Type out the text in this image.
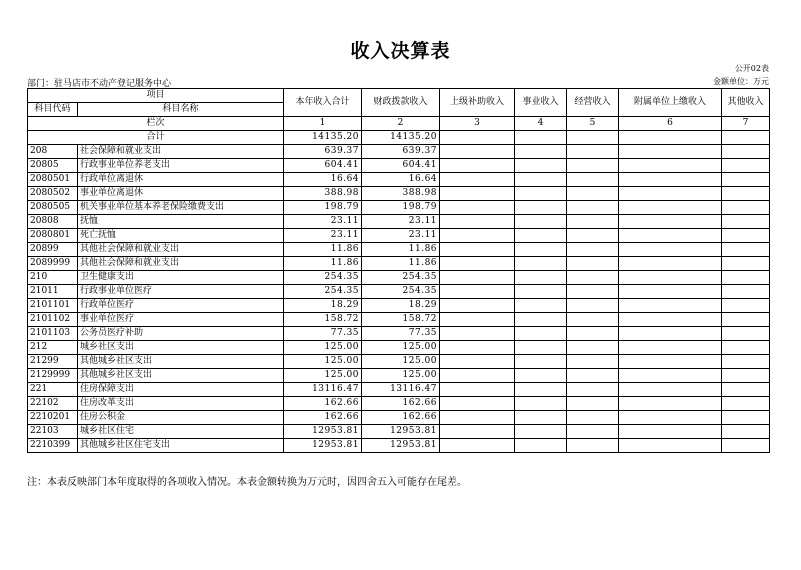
收入决算表
公开02表
部门：驻马店市不动产登记服务中心	金额单位：万元
项目		本年收入合计	财政拨款收入	上级补助收入	事业收入	经营收入	附属单位上缴收入	其他收入
科目代码	科目名称							
栏次		1	2	3	4	5	6	7
合计		14135.20	14135.20					
208	社会保障和就业支出	639.37	639.37					
20805	行政事业单位养老支出	604.41	604.41					
2080501	行政单位离退休	16.64	16.64					
2080502	事业单位离退休	388.98	388.98					
2080505	机关事业单位基本养老保险缴费支出	198.79	198.79					
20808	抚恤	23.11	23.11					
2080801	死亡抚恤	23.11	23.11					
20899	其他社会保障和就业支出	11.86	11.86					
2089999	其他社会保障和就业支出	11.86	11.86					
210	卫生健康支出	254.35	254.35					
21011	行政事业单位医疗	254.35	254.35					
2101101	行政单位医疗	18.29	18.29					
2101102	事业单位医疗	158.72	158.72					
2101103	公务员医疗补助	77.35	77.35					
212	城乡社区支出	125.00	125.00					
21299	其他城乡社区支出	125.00	125.00					
2129999	其他城乡社区支出	125.00	125.00					
221	住房保障支出	13116.47	13116.47					
22102	住房改革支出	162.66	162.66					
2210201	住房公积金	162.66	162.66					
22103	城乡社区住宅	12953.81	12953.81					
2210399	其他城乡社区住宅支出	12953.81	12953.81					
注：本表反映部门本年度取得的各项收入情况。本表金额转换为万元时，因四舍五入可能存在尾差。
